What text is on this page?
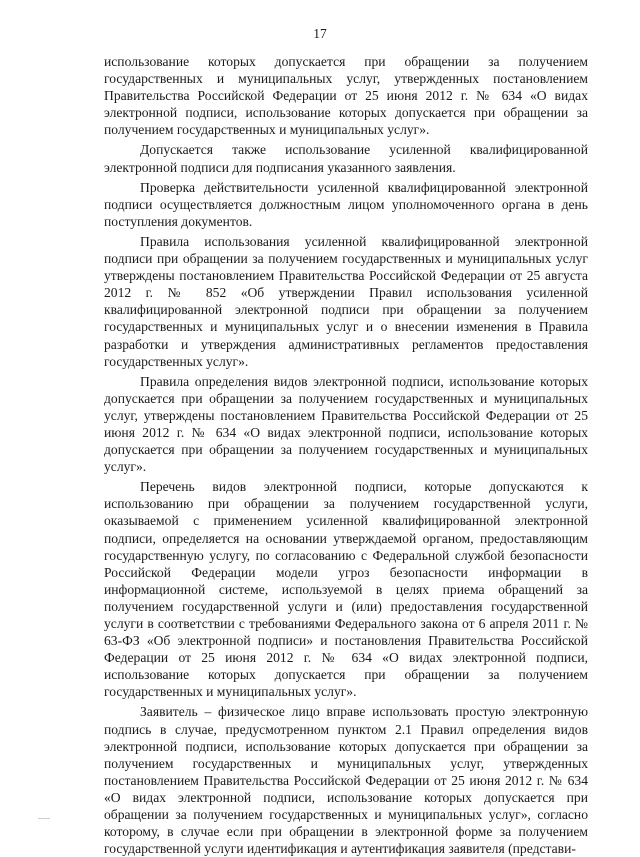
17

использование которых допускается при обращении за получением государственных и муниципальных услуг, утвержденных постановлением Правительства Российской Федерации от 25 июня 2012 г. № 634 «О видах электронной подписи, использование которых допускается при обращении за получением государственных и муниципальных услуг».

Допускается также использование усиленной квалифицированной электронной подписи для подписания указанного заявления.

Проверка действительности усиленной квалифицированной электронной подписи осуществляется должностным лицом уполномоченного органа в день поступления документов.

Правила использования усиленной квалифицированной электронной подписи при обращении за получением государственных и муниципальных услуг утверждены постановлением Правительства Российской Федерации от 25 августа 2012 г. № 852 «Об утверждении Правил использования усиленной квалифицированной электронной подписи при обращении за получением государственных и муниципальных услуг и о внесении изменения в Правила разработки и утверждения административных регламентов предоставления государственных услуг».

Правила определения видов электронной подписи, использование которых допускается при обращении за получением государственных и муниципальных услуг, утверждены постановлением Правительства Российской Федерации от 25 июня 2012 г. № 634 «О видах электронной подписи, использование которых допускается при обращении за получением государственных и муниципальных услуг».

Перечень видов электронной подписи, которые допускаются к использованию при обращении за получением государственной услуги, оказываемой с применением усиленной квалифицированной электронной подписи, определяется на основании утверждаемой органом, предоставляющим государственную услугу, по согласованию с Федеральной службой безопасности Российской Федерации модели угроз безопасности информации в информационной системе, используемой в целях приема обращений за получением государственной услуги и (или) предоставления государственной услуги в соответствии с требованиями Федерального закона от 6 апреля 2011 г. № 63-ФЗ «Об электронной подписи» и постановления Правительства Российской Федерации от 25 июня 2012 г. № 634 «О видах электронной подписи, использование которых допускается при обращении за получением государственных и муниципальных услуг».

Заявитель – физическое лицо вправе использовать простую электронную подпись в случае, предусмотренном пунктом 2.1 Правил определения видов электронной подписи, использование которых допускается при обращении за получением государственных и муниципальных услуг, утвержденных постановлением Правительства Российской Федерации от 25 июня 2012 г. № 634 «О видах электронной подписи, использование которых допускается при обращении за получением государственных и муниципальных услуг», согласно которому, в случае если при обращении в электронной форме за получением государственной услуги идентификация и аутентификация заявителя (представи-
